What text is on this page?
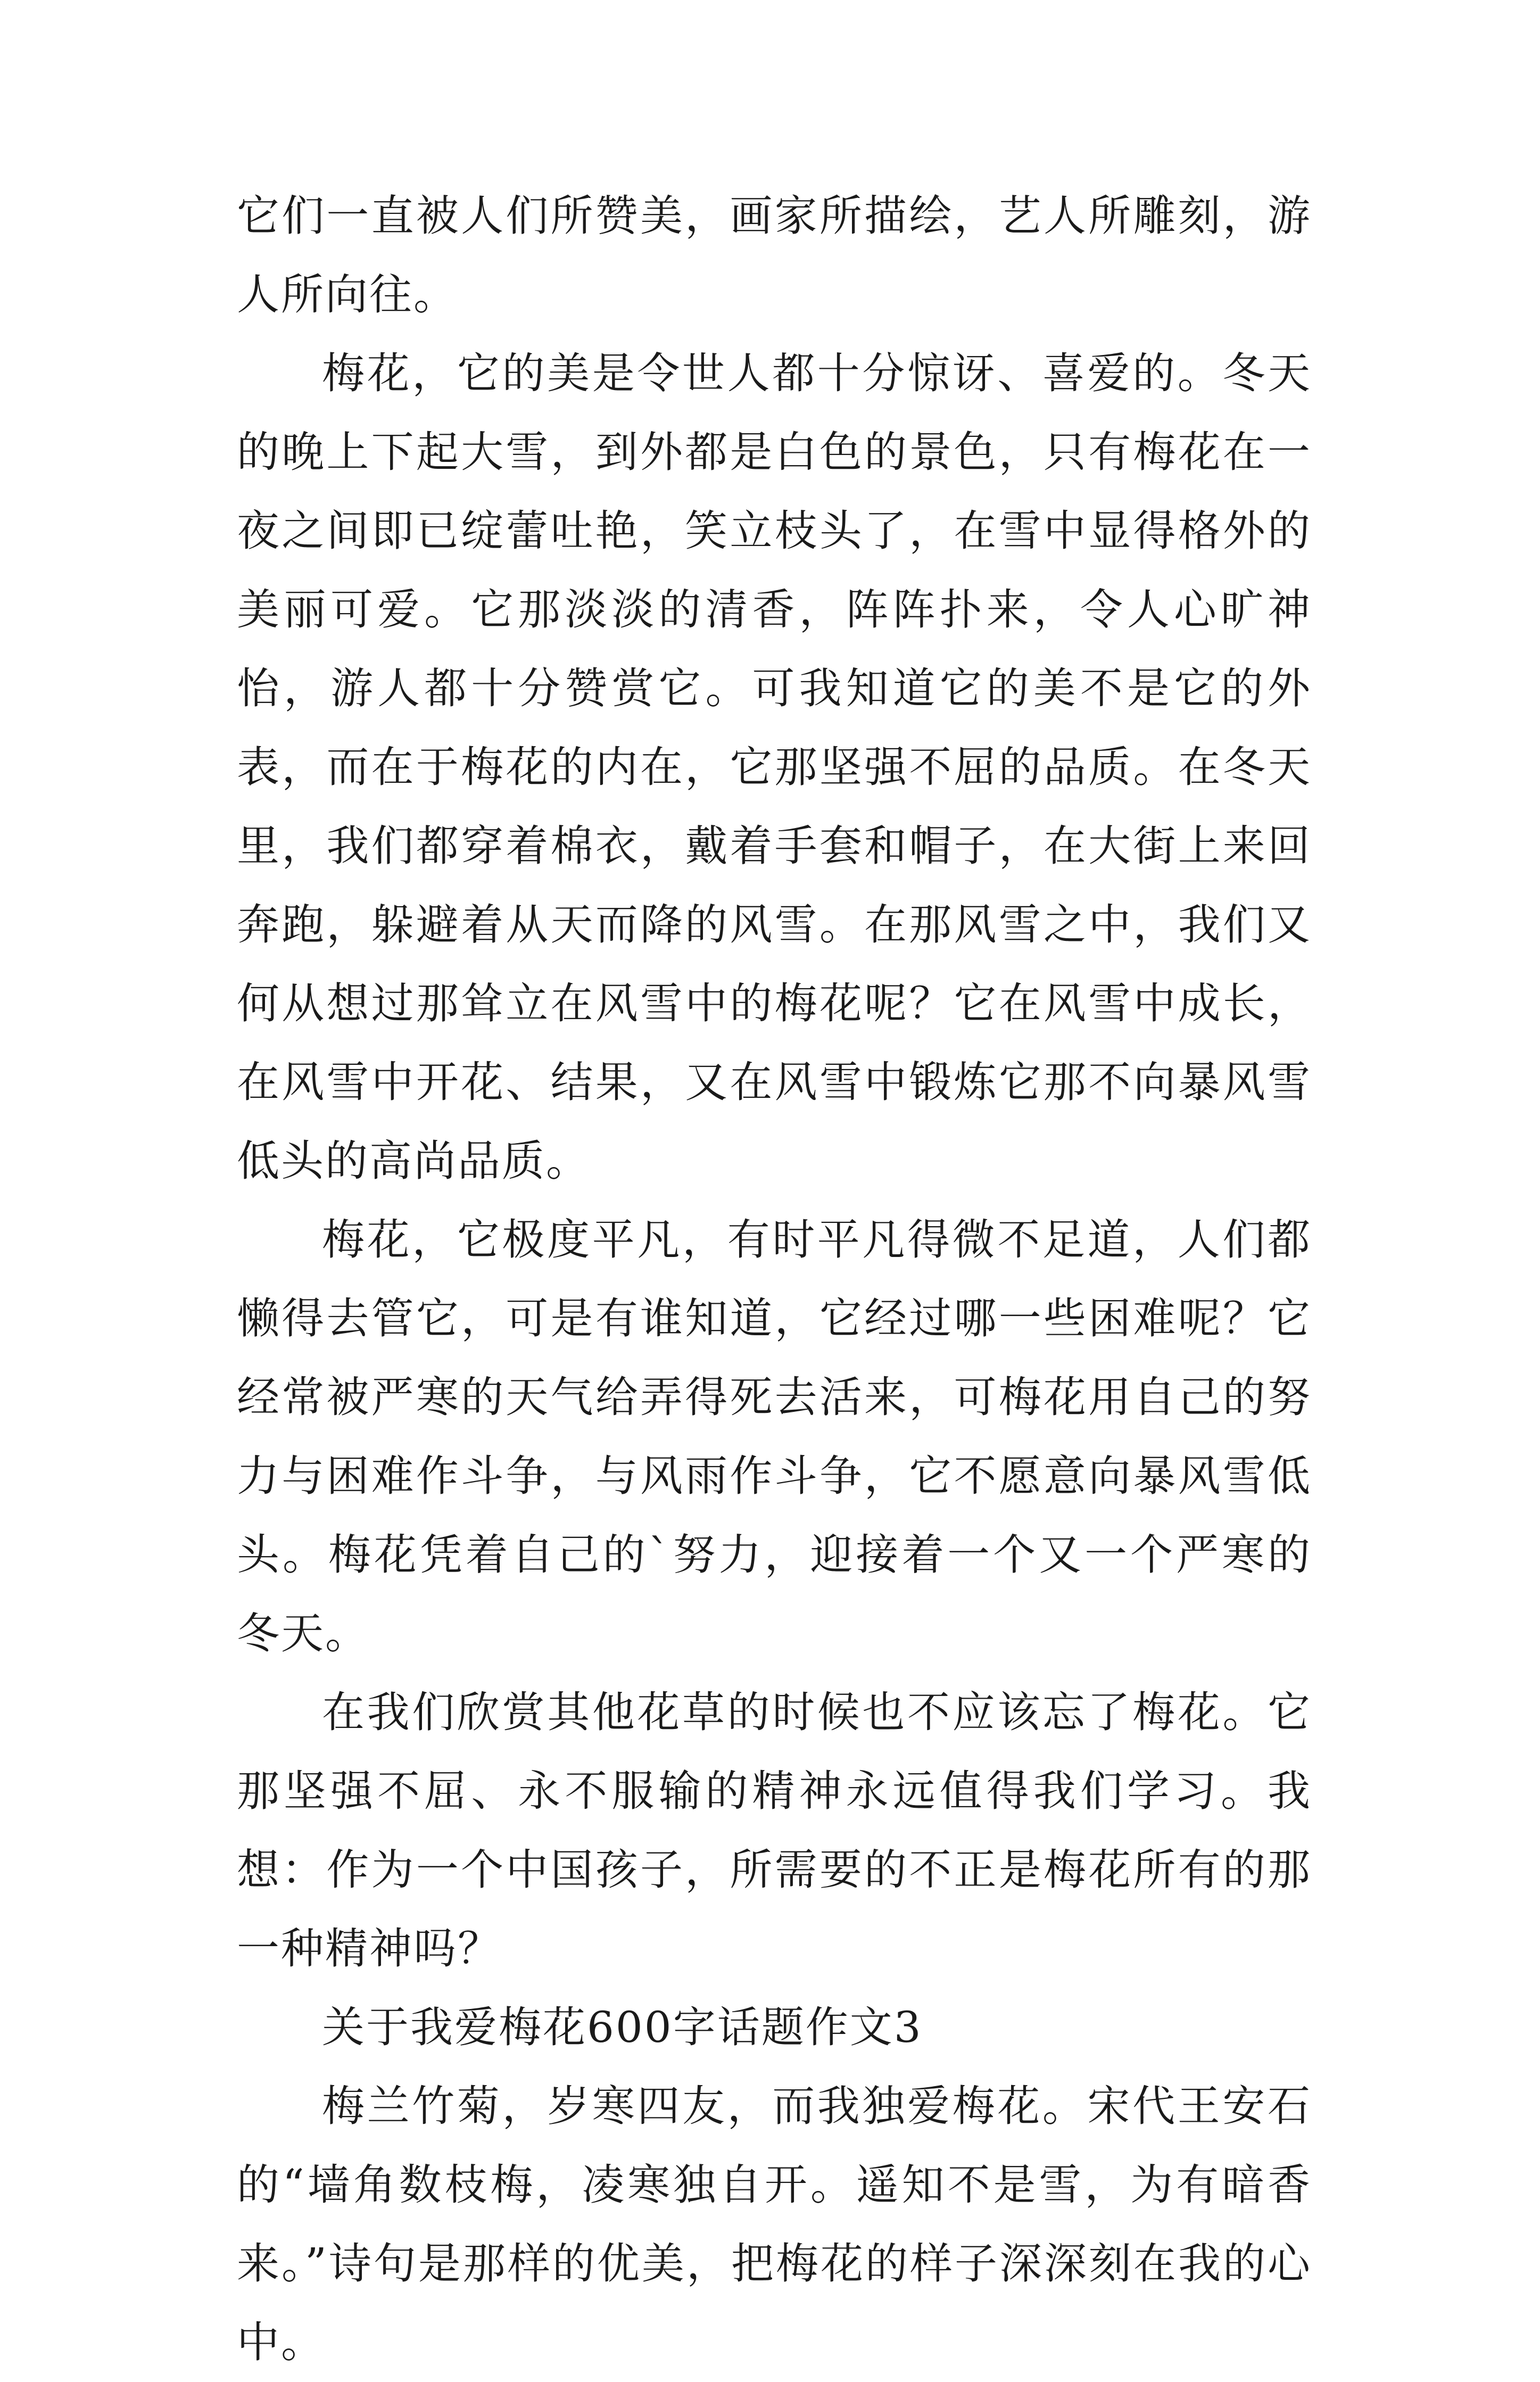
它们一直被人们所赞美，画家所描绘，艺人所雕刻，游人所向往。

梅花，它的美是令世人都十分惊讶、喜爱的。冬天的晚上下起大雪，到外都是白色的景色，只有梅花在一夜之间即已绽蕾吐艳，笑立枝头了，在雪中显得格外的美丽可爱。它那淡淡的清香，阵阵扑来，令人心旷神怡，游人都十分赞赏它。可我知道它的美不是它的外表，而在于梅花的内在，它那坚强不屈的品质。在冬天里，我们都穿着棉衣，戴着手套和帽子，在大街上来回奔跑，躲避着从天而降的风雪。在那风雪之中，我们又何从想过那耸立在风雪中的梅花呢？它在风雪中成长，在风雪中开花、结果，又在风雪中锻炼它那不向暴风雪低头的高尚品质。

梅花，它极度平凡，有时平凡得微不足道，人们都懒得去管它，可是有谁知道，它经过哪一些困难呢？它经常被严寒的天气给弄得死去活来，可梅花用自己的努力与困难作斗争，与风雨作斗争，它不愿意向暴风雪低头。梅花凭着自己的`努力，迎接着一个又一个严寒的冬天。

在我们欣赏其他花草的时候也不应该忘了梅花。它那坚强不屈、永不服输的精神永远值得我们学习。我想：作为一个中国孩子，所需要的不正是梅花所有的那一种精神吗？

关于我爱梅花600字话题作文3

梅兰竹菊，岁寒四友，而我独爱梅花。宋代王安石的“墙角数枝梅，凌寒独自开。遥知不是雪，为有暗香来。”诗句是那样的优美，把梅花的样子深深刻在我的心中。
